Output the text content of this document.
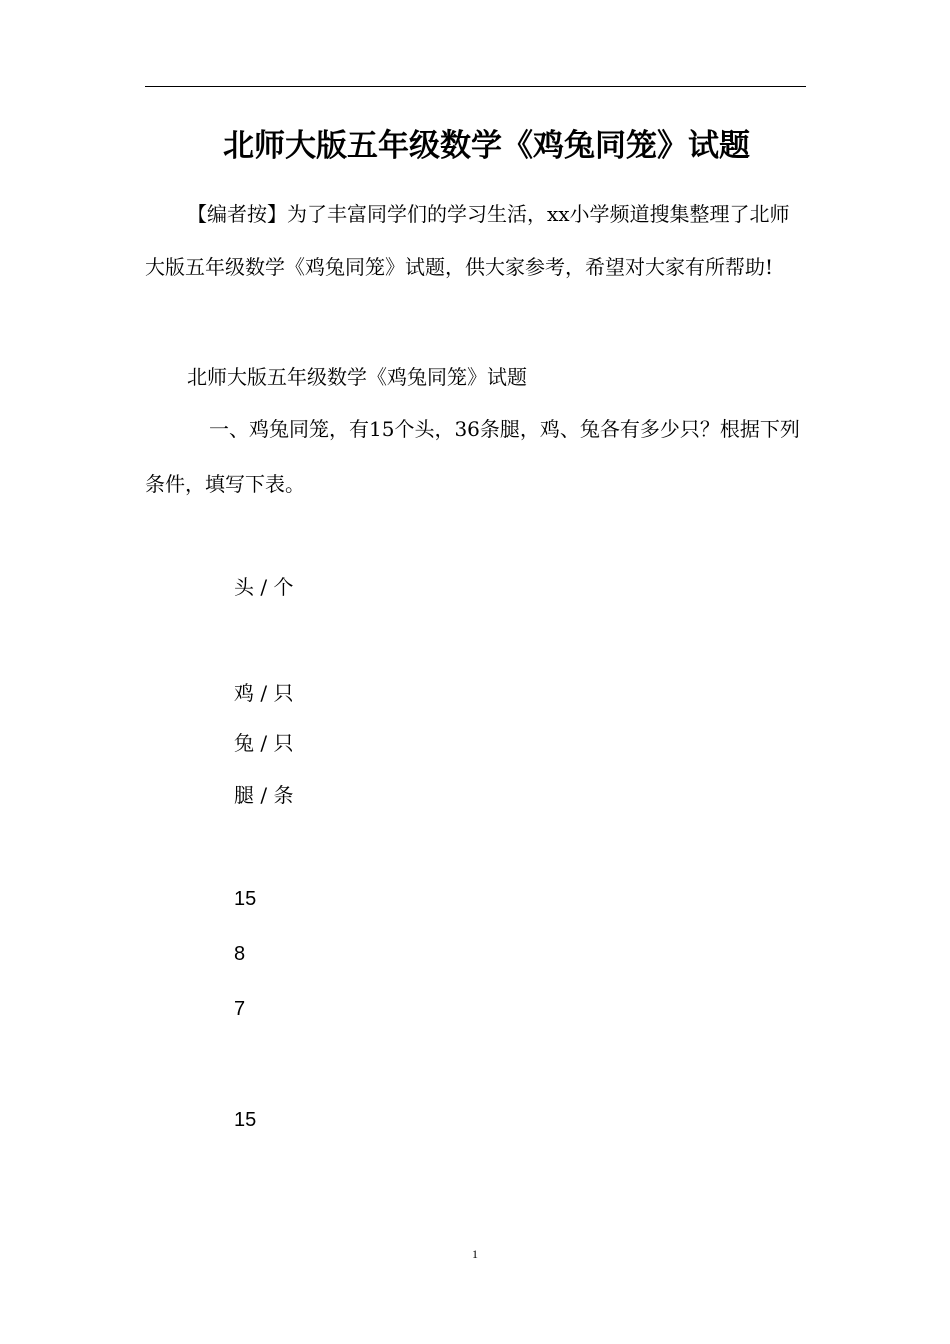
北师大版五年级数学《鸡兔同笼》试题
【编者按】为了丰富同学们的学习生活，xx小学频道搜集整理了北师大版五年级数学《鸡兔同笼》试题，供大家参考，希望对大家有所帮助!
北师大版五年级数学《鸡兔同笼》试题
一、鸡兔同笼，有15个头，36条腿，鸡、兔各有多少只？根据下列条件，填写下表。
头 / 个
鸡 / 只
兔 / 只
腿 / 条
15
8
7
15
1
